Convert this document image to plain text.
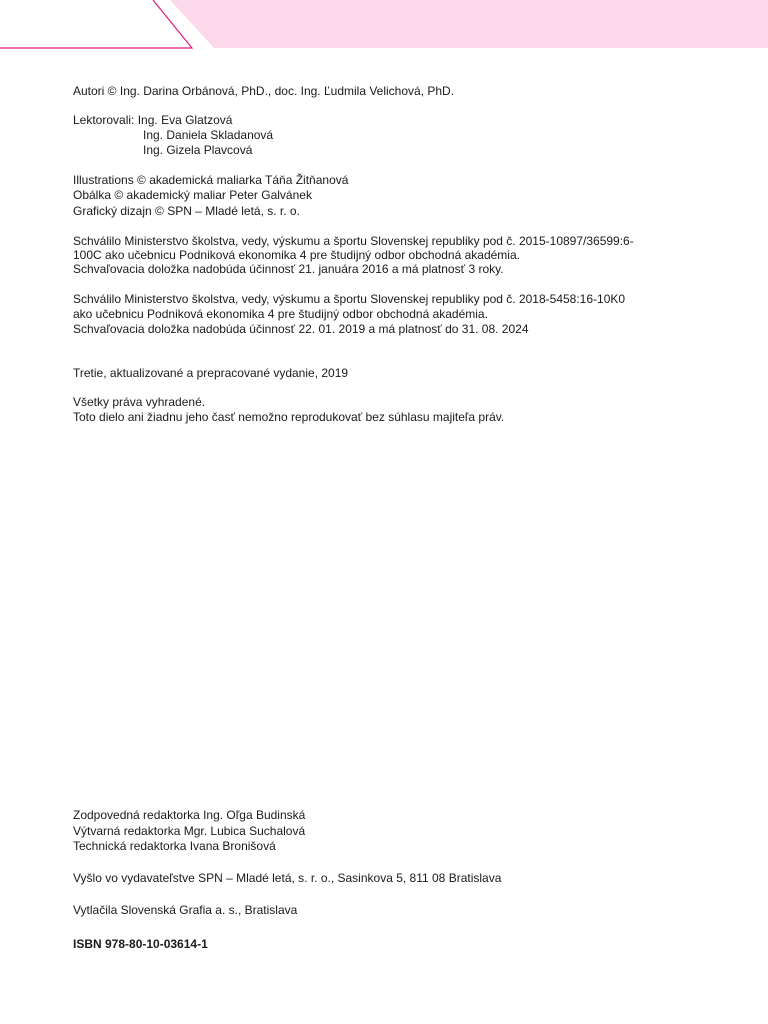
Autori © Ing. Darina Orbánová, PhD., doc. Ing. Ľudmila Velichová, PhD.
Lektorovali: Ing. Eva Glatzová
Ing. Daniela Skladanová
Ing. Gizela Plavcová
Illustrations © akademická maliarka Táňa Žitňanová
Obálka © akademický maliar Peter Galvánek
Grafický dizajn © SPN – Mladé letá, s. r. o.
Schválilo Ministerstvo školstva, vedy, výskumu a športu Slovenskej republiky pod č. 2015-10897/36599:6-
100C ako učebnicu Podniková ekonomika 4 pre študijný odbor obchodná akadémia.
Schvaľovacia doložka nadobúda účinnosť 21. januára 2016 a má platnosť 3 roky.
Schválilo Ministerstvo školstva, vedy, výskumu a športu Slovenskej republiky pod č. 2018-5458:16-10K0
ako učebnicu Podniková ekonomika 4 pre študijný odbor obchodná akadémia.
Schvaľovacia doložka nadobúda účinnosť 22. 01. 2019 a má platnosť do 31. 08. 2024
Tretie, aktualizované a prepracované vydanie, 2019
Všetky práva vyhradené.
Toto dielo ani žiadnu jeho časť nemožno reprodukovať bez súhlasu majiteľa práv.
Zodpovedná redaktorka Ing. Oľga Budinská
Výtvarná redaktorka Mgr. Lubica Suchalová
Technická redaktorka Ivana Bronišová
Vyšlo vo vydavateľstve SPN – Mladé letá, s. r. o., Sasinkova 5, 811 08 Bratislava
Vytlačila Slovenská Grafia a. s., Bratislava
ISBN 978-80-10-03614-1
